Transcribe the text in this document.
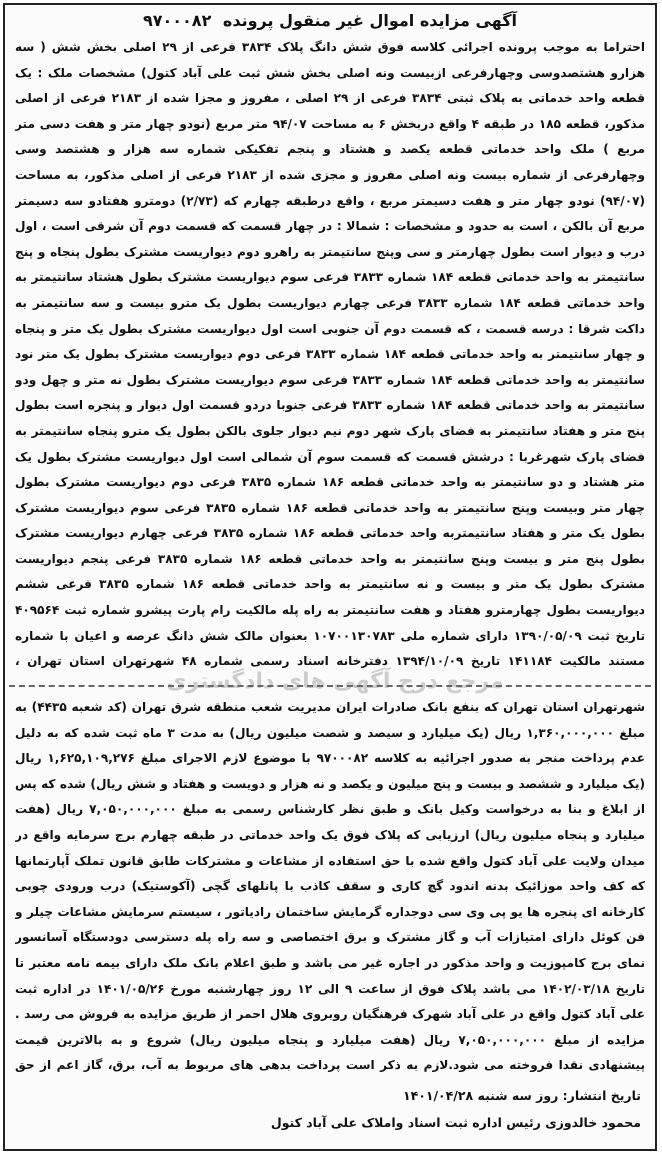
آگهی مزایده اموال غیر منقول پرونده ۹۷۰۰۰۸۲
احتراما به موجب پرونده اجرائی کلاسه فوق شش دانگ پلاک ۳۸۳۴ فرعی از ۲۹ اصلی بخش شش ( سه هزارو هشتصدوسی وچهارفرعی ازبیست ونه اصلی بخش شش ثبت علی آباد کتول) مشخصات ملک : یک قطعه واحد خدماتی به پلاک ثبتی ۳۸۳۴ فرعی از ۲۹ اصلی ، مفروز و مجزا شده از ۲۱۸۳ فرعی از اصلی مذکور، قطعه ۱۸۵ در طبقه ۴ واقع دربخش ۶ به مساحت ۹۴/۰۷ متر مربع (نودو چهار متر و هفت دسی متر مربع ) ملک واحد خدماتی قطعه یکصد و هشتاد و پنجم تفکیکی شماره سه هزار و هشتصد وسی وچهارفرعی از شماره بیست ونه اصلی مفروز و مجزی شده از ۲۱۸۳ فرعی از اصلی مذکور، به مساحت (۹۴/۰۷) نودو چهار متر و هفت دسیمتر مربع ، واقع درطبقه چهارم که (۲/۷۳) دومترو هفتادو سه دسیمتر مربع آن بالکن ، است به حدود و مشخصات : شمالا : در چهار قسمت که قسمت دوم آن شرقی است ، اول درب و دیوار است بطول چهارمتر و سی وپنج سانتیمتر به راهرو دوم دیواریست مشترک بطول پنجاه و پنج سانتیمتر به واحد خدماتی قطعه ۱۸۴ شماره ۳۸۳۳ فرعی سوم دیواریست مشترک بطول هشتاد سانتیمتر به واحد خدماتی قطعه ۱۸۴ شماره ۳۸۳۳ فرعی چهارم دیواریست بطول یک مترو بیست و سه سانتیمتر به داکت شرقا : درسه قسمت ، که قسمت دوم آن جنوبی است اول دیواریست مشترک بطول یک متر و پنجاه و چهار سانتیمتر به واحد خدماتی قطعه ۱۸۴ شماره ۳۸۳۳ فرعی دوم دیواریست مشترک بطول یک متر نود سانتیمتر به واحد خدماتی قطعه ۱۸۴ شماره ۳۸۳۳ فرعی سوم دیواریست مشترک بطول نه متر و چهل ودو سانتیمتر به واحد خدماتی قطعه ۱۸۴ شماره ۳۸۳۳ فرعی جنوبا دردو قسمت اول دیوار و پنجره است بطول پنج متر و هفتاد سانتیمتر به فضای پارک شهر دوم نیم دیوار جلوی بالکن بطول یک مترو پنجاه سانتیمتر به فضای پارک شهرغربا : درشش قسمت که قسمت سوم آن شمالی است اول دیواریست مشترک بطول یک متر هشتاد و دو سانتیمتر به واحد خدماتی قطعه ۱۸۶ شماره ۳۸۳۵ فرعی دوم دیواریست مشترک بطول چهار متر وبیست وپنج سانتیمتر به واحد خدماتی قطعه ۱۸۶ شماره ۳۸۳۵ فرعی سوم دیواریست مشترک بطول یک متر و هفتاد سانتیمتربه واحد خدماتی قطعه ۱۸۶ شماره ۳۸۳۵ فرعی چهارم دیواریست مشترک بطول پنج متر و بیست وپنج سانتیمتر به واحد خدماتی قطعه ۱۸۶ شماره ۳۸۳۵ فرعی پنجم دیواریست مشترک بطول یک متر و بیست و نه سانتیمتر به واحد خدماتی قطعه ۱۸۶ شماره ۳۸۳۵ فرعی ششم دیواریست بطول چهارمترو هفتاد و هفت سانتیمتر به راه پله مالکیت رام پارت پیشرو شماره ثبت ۴۰۹۵۶۴ تاریخ ثبت ۱۳۹۰/۰۵/۰۹ دارای شماره ملی ۱۰۷۰۰۱۳۰۷۸۳ بعنوان مالک شش دانگ عرصه و اعیان با شماره مستند مالکیت ۱۴۱۱۸۴ تاریخ ۱۳۹۴/۱۰/۰۹ دفترخانه اسناد رسمی شماره ۴۸ شهرتهران استان تهران ،
مرجع درج آگهی های دادگستری
شهرتهران استان تهران که بنفع بانک صادرات ایران مدیریت شعب منطقه شرق تهران (کد شعبه ۴۴۳۵) به مبلغ ۱,۳۶۰,۰۰۰,۰۰۰ ریال (یک میلیارد و سیصد و شصت میلیون ریال) به مدت ۳ ماه ثبت شده که به دلیل عدم پرداخت منجر به صدور اجرائیه به کلاسه ۹۷۰۰۰۸۲ با موضوع لازم الاجرای مبلغ ۱,۶۲۵,۱۰۹,۲۷۶ ریال (یک میلیارد و ششصد و بیست و پنج میلیون و یکصد و نه هزار و دویست و هفتاد و شش ریال) شده که پس از ابلاغ و بنا به درخواست وکیل بانک و طبق نظر کارشناس رسمی به مبلغ ۷,۰۵۰,۰۰۰,۰۰۰ ریال (هفت میلیارد و پنجاه میلیون ریال) ارزیابی که پلاک فوق یک واحد خدماتی در طبقه چهارم برج سرمایه واقع در میدان ولایت علی آباد کتول واقع شده با حق استفاده از مشاعات و مشترکات طابق قانون تملک آپارتمانها که کف واحد موزائیک بدنه اندود گچ کاری و سقف کاذب با پانلهای گچی (آکوستیک) درب ورودی چوبی کارخانه ای پنجره ها یو پی وی سی دوجداره گرمایش ساختمان رادیاتور ، سیستم سرمایش مشاعات چیلر و فن کوئل دارای امتیازات آب و گاز مشترک و برق اختصاصی و سه راه پله دسترسی دودستگاه آسانسور نمای برج کامپوزیت و واحد مذکور در اجاره غیر می باشد و طبق اعلام بانک ملک دارای بیمه نامه معتبر تا تاریخ ۱۴۰۲/۰۳/۱۸ می باشد پلاک فوق از ساعت ۹ الی ۱۲ روز چهارشنبه مورخ ۱۴۰۱/۰۵/۲۶ در اداره ثبت علی آباد کتول واقع در علی آباد شهرک فرهنگیان روبروی هلال احمر از طریق مزایده به فروش می رسد . مزایده از مبلغ ۷,۰۵۰,۰۰۰,۰۰۰ ریال (هفت میلیارد و پنجاه میلیون ریال) شروع و به بالاترین قیمت پیشنهادی نقدا فروخته می شود.لازم به ذکر است پرداخت بدهی های مربوط به آب، برق، گاز اعم از حق
تاریخ انتشار: روز سه شنبه ۱۴۰۱/۰۴/۲۸
محمود خالدوزی رئیس اداره ثبت اسناد واملاک علی آباد کتول
